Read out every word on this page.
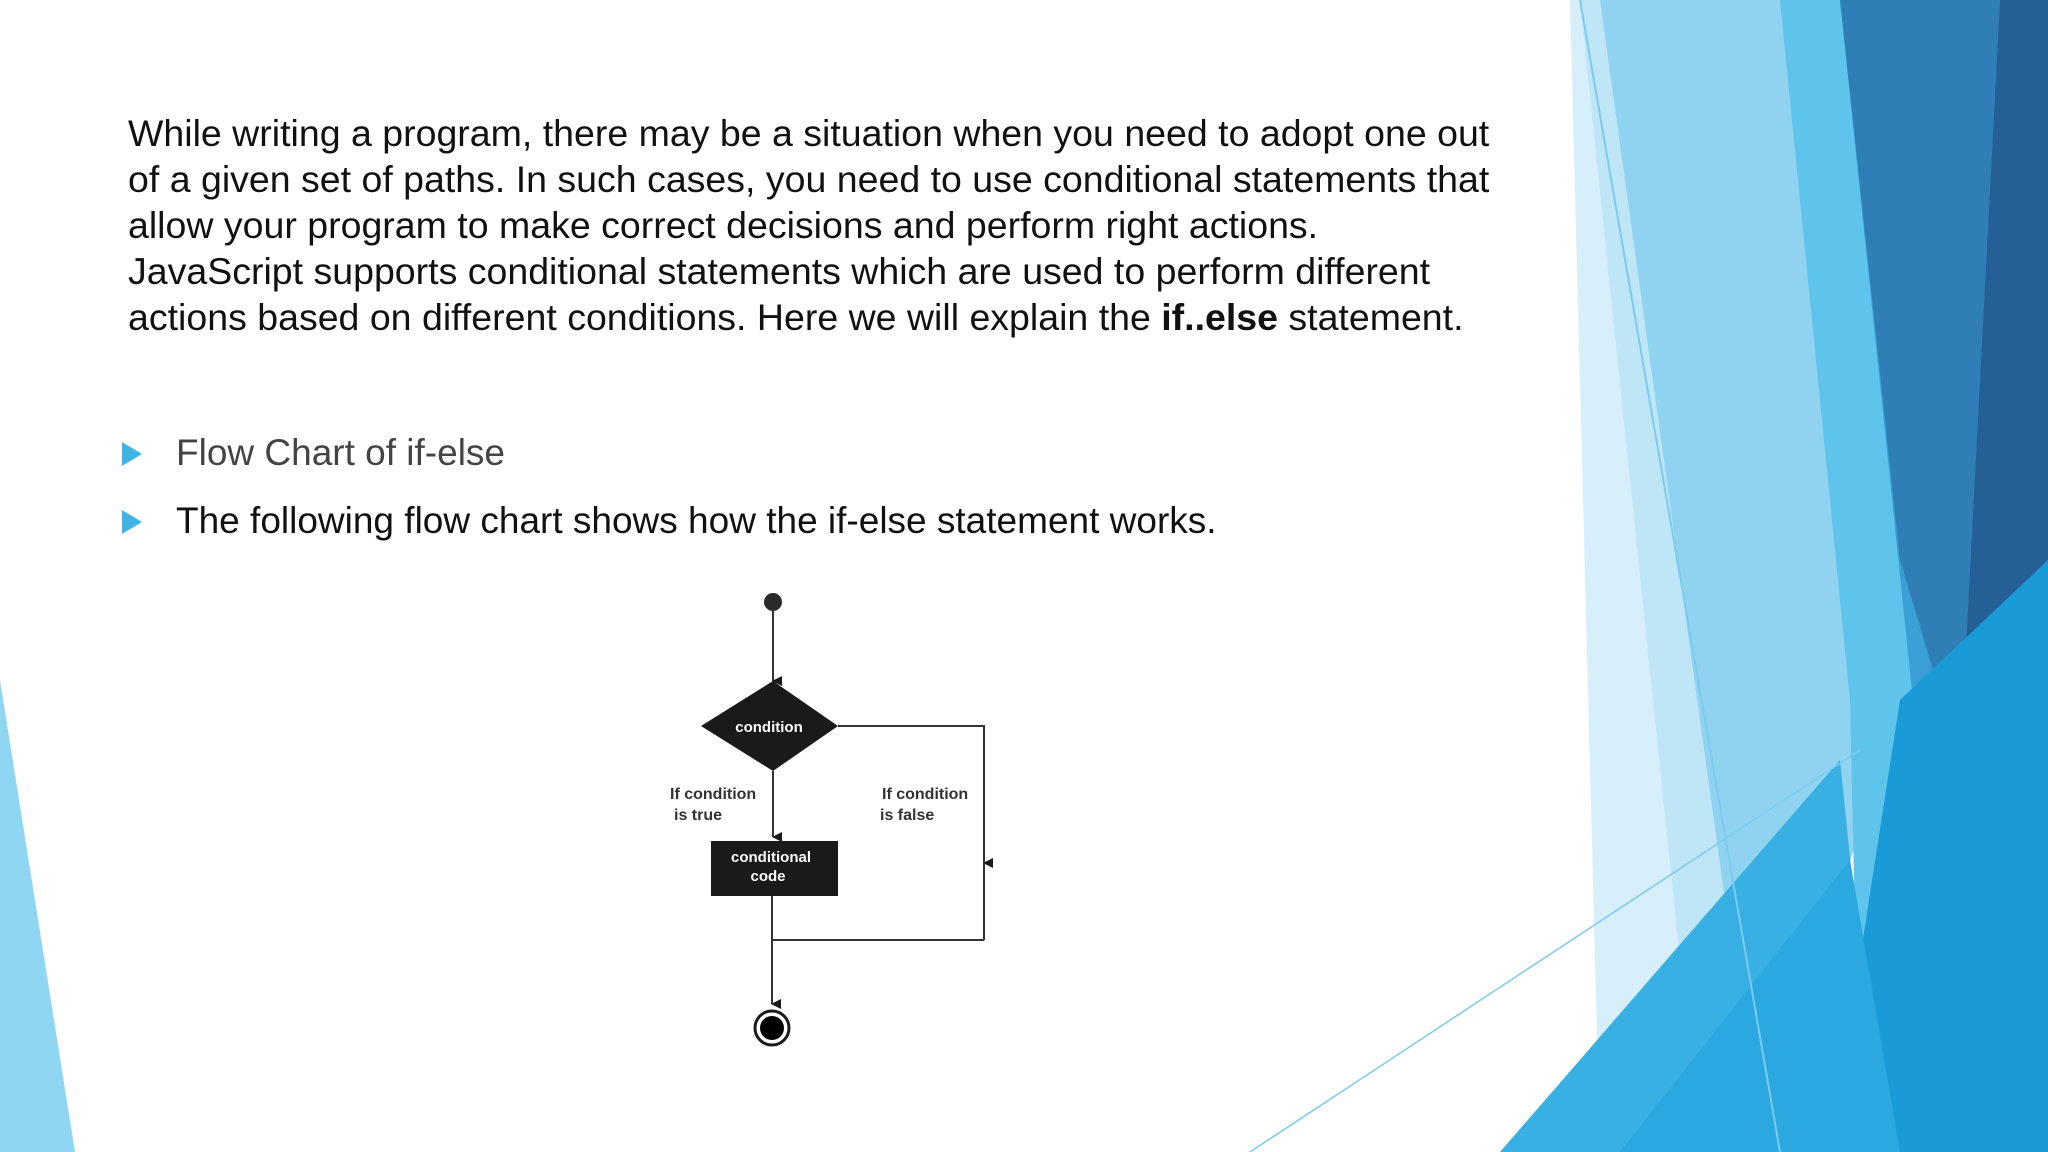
While writing a program, there may be a situation when you need to adopt one out

of a given set of paths. In such cases, you need to use conditional statements that

allow your program to make correct decisions and perform right actions.

JavaScript supports conditional statements which are used to perform different

actions based on different conditions. Here we will explain the if..else statement.

Flow Chart of if-else
The following flow chart shows how the if-else statement works.
condition
If condition
is true
conditional
code
If condition
is false
